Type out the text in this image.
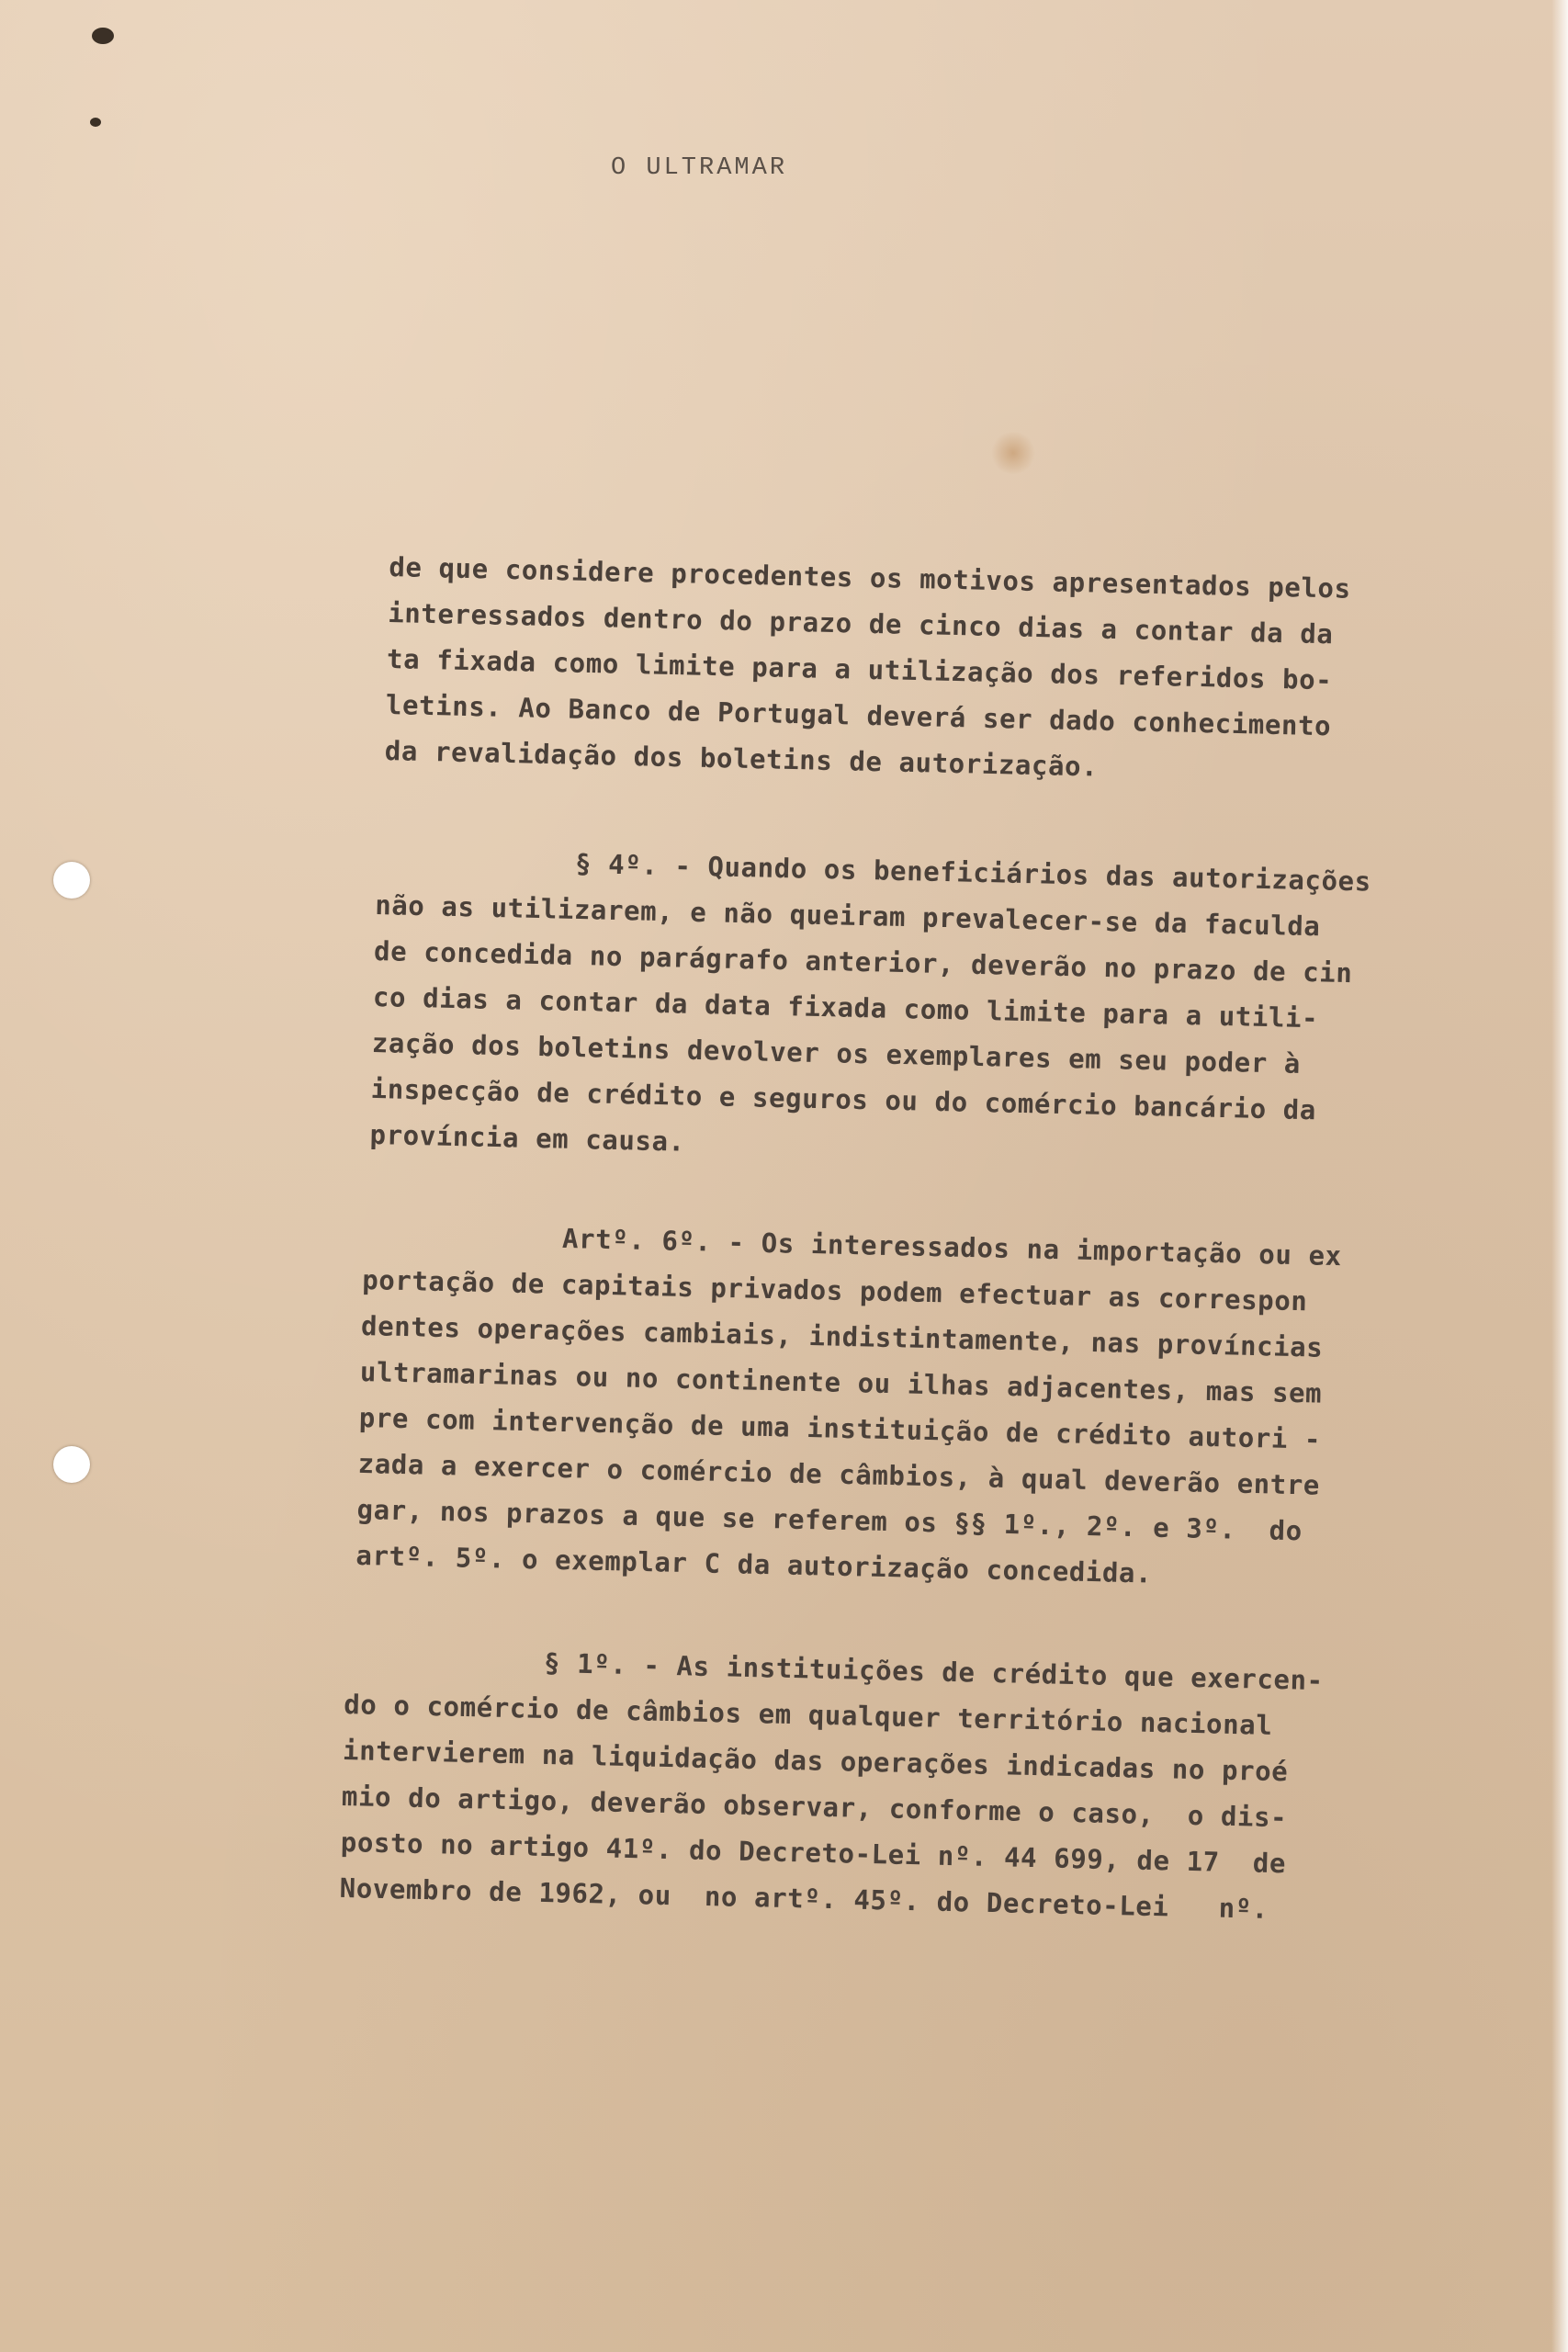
O ULTRAMAR
de que considere procedentes os motivos apresentados pelos
interessados dentro do prazo de cinco dias a contar da da
ta fixada como limite para a utilização dos referidos bo-
letins. Ao Banco de Portugal deverá ser dado conhecimento
da revalidação dos boletins de autorização.
§ 4º. - Quando os beneficiários das autorizações
não as utilizarem, e não queiram prevalecer-se da faculda
de concedida no parágrafo anterior, deverão no prazo de cin
co dias a contar da data fixada como limite para a utili-
zação dos boletins devolver os exemplares em seu poder à
inspecção de crédito e seguros ou do comércio bancário da
província em causa.
Artº. 6º. - Os interessados na importação ou ex
portação de capitais privados podem efectuar as correspon
dentes operações cambiais, indistintamente, nas províncias
ultramarinas ou no continente ou ilhas adjacentes, mas sem
pre com intervenção de uma instituição de crédito autori -
zada a exercer o comércio de câmbios, à qual deverão entre
gar, nos prazos a que se referem os §§ 1º., 2º. e 3º.  do
artº. 5º. o exemplar C da autorização concedida.
§ 1º. - As instituições de crédito que exercen-
do o comércio de câmbios em qualquer território nacional
intervierem na liquidação das operações indicadas no proé
mio do artigo, deverão observar, conforme o caso,  o dis-
posto no artigo 41º. do Decreto-Lei nº. 44 699, de 17  de
Novembro de 1962, ou  no artº. 45º. do Decreto-Lei   nº.
